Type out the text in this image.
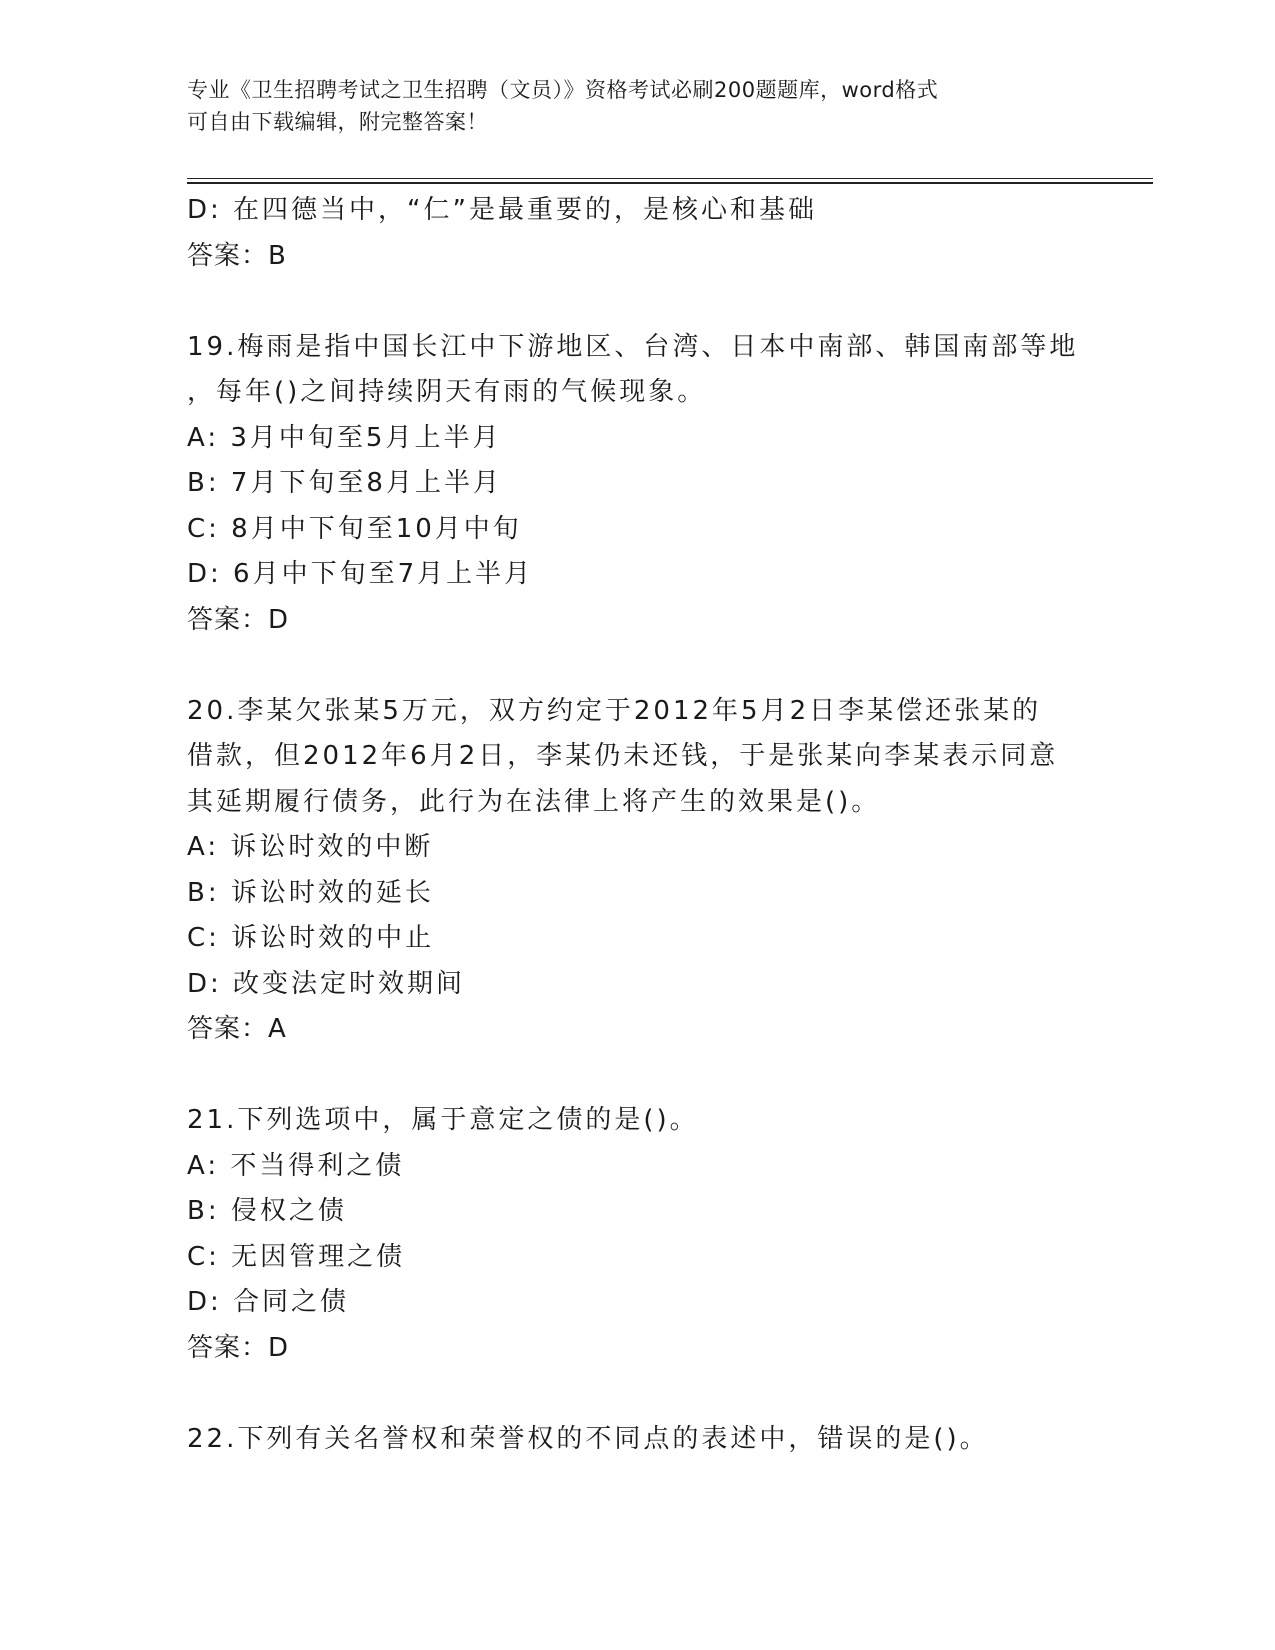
专业《卫生招聘考试之卫生招聘（文员）》资格考试必刷200题题库，word格式
可自由下载编辑，附完整答案！
D: 在四德当中，“仁”是最重要的，是核心和基础
答案：B
19.梅雨是指中国长江中下游地区、台湾、日本中南部、韩国南部等地
，每年()之间持续阴天有雨的气候现象。
A: 3月中旬至5月上半月
B: 7月下旬至8月上半月
C: 8月中下旬至10月中旬
D: 6月中下旬至7月上半月
答案：D
20.李某欠张某5万元，双方约定于2012年5月2日李某偿还张某的
借款，但2012年6月2日，李某仍未还钱，于是张某向李某表示同意
其延期履行债务，此行为在法律上将产生的效果是()。
A: 诉讼时效的中断
B: 诉讼时效的延长
C: 诉讼时效的中止
D: 改变法定时效期间
答案：A
21.下列选项中，属于意定之债的是()。
A: 不当得利之债
B: 侵权之债
C: 无因管理之债
D: 合同之债
答案：D
22.下列有关名誉权和荣誉权的不同点的表述中，错误的是()。
